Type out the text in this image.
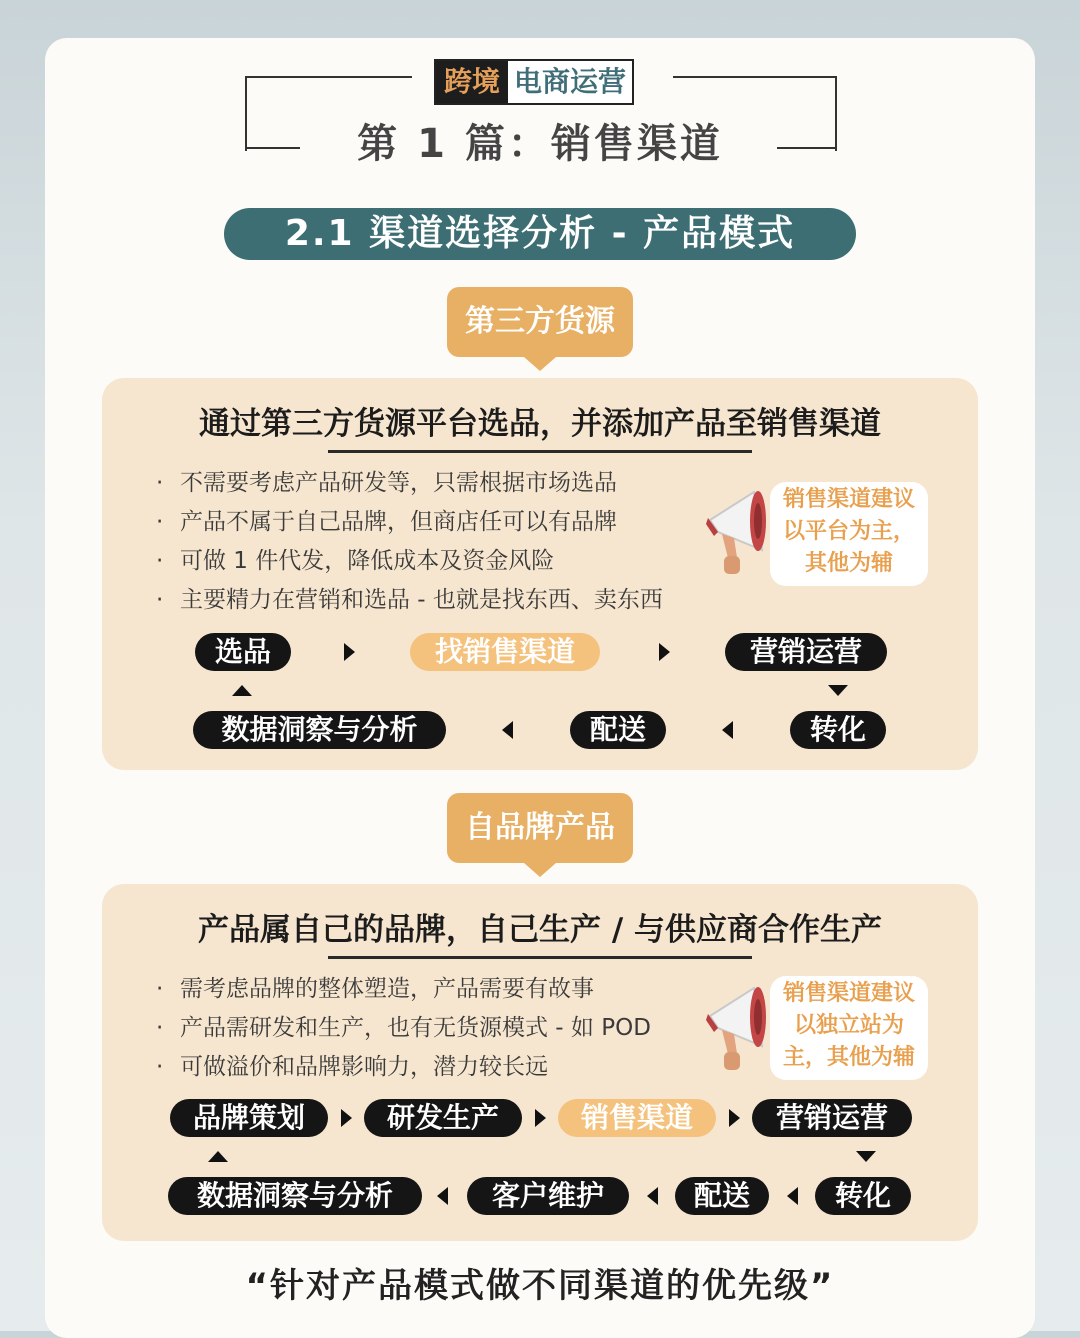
跨境 电商运营
第 1 篇：销售渠道
2.1 渠道选择分析 - 产品模式
第三方货源
通过第三方货源平台选品，并添加产品至销售渠道
· 不需要考虑产品研发等，只需根据市场选品
· 产品不属于自己品牌，但商店任可以有品牌
· 可做 1 件代发，降低成本及资金风险
· 主要精力在营销和选品 - 也就是找东西、卖东西
销售渠道建议
以平台为主，
其他为辅
选品	找销售渠道	营销运营
数据洞察与分析	配送	转化
自品牌产品
产品属自己的品牌，自己生产 / 与供应商合作生产
· 需考虑品牌的整体塑造，产品需要有故事
· 产品需研发和生产，也有无货源模式 - 如 POD
· 可做溢价和品牌影响力，潜力较长远
销售渠道建议
以独立站为
主，其他为辅
品牌策划	研发生产	销售渠道	营销运营
数据洞察与分析	客户维护	配送	转化
“针对产品模式做不同渠道的优先级”
